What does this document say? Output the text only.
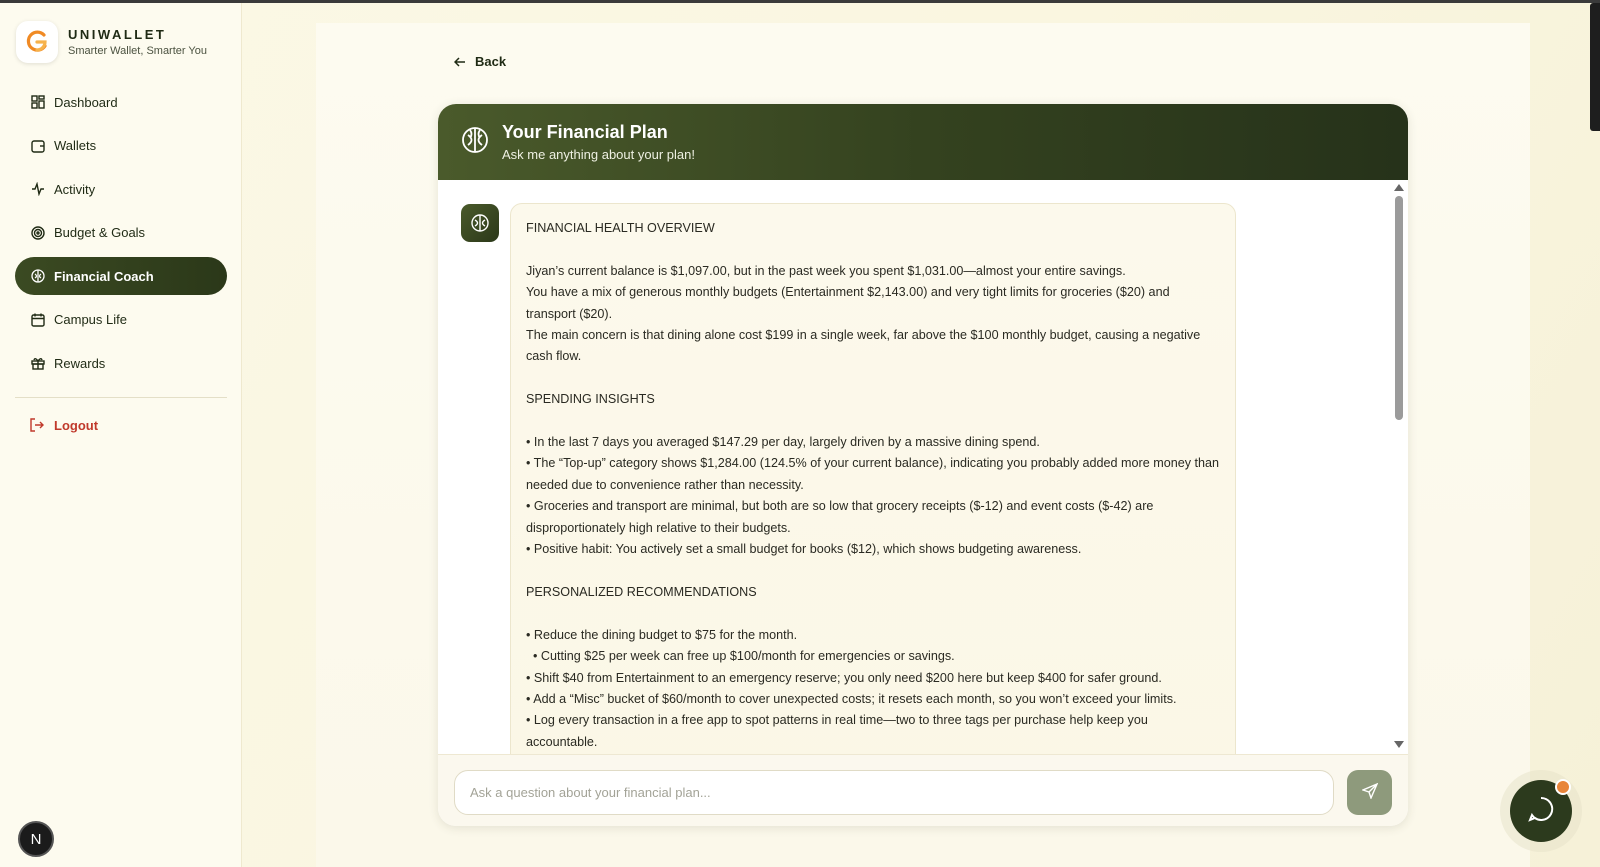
UNIWALLET
Smarter Wallet, Smarter You
Dashboard
Wallets
Activity
Budget & Goals
Financial Coach
Campus Life
Rewards
Logout
N
Back
Your Financial Plan
Ask me anything about your plan!

FINANCIAL HEALTH OVERVIEW

Jiyan’s current balance is $1,097.00, but in the past week you spent $1,031.00—almost your entire savings.

You have a mix of generous monthly budgets (Entertainment $2,143.00) and very tight limits for groceries ($20) and transport ($20).

The main concern is that dining alone cost $199 in a single week, far above the $100 monthly budget, causing a negative cash flow.

SPENDING INSIGHTS

• In the last 7 days you averaged $147.29 per day, largely driven by a massive dining spend.

• The “Top-up” category shows $1,284.00 (124.5% of your current balance), indicating you probably added more money than needed due to convenience rather than necessity.

• Groceries and transport are minimal, but both are so low that grocery receipts ($-12) and event costs ($-42) are disproportionately high relative to their budgets.

• Positive habit: You actively set a small budget for books ($12), which shows budgeting awareness.

PERSONALIZED RECOMMENDATIONS

• Reduce the dining budget to $75 for the month.

• Cutting $25 per week can free up $100/month for emergencies or savings.

• Shift $40 from Entertainment to an emergency reserve; you only need $200 here but keep $400 for safer ground.

• Add a “Misc” bucket of $60/month to cover unexpected costs; it resets each month, so you won’t exceed your limits.

• Log every transaction in a free app to spot patterns in real time—two to three tags per purchase help keep you accountable.

Ask a question about your financial plan...
